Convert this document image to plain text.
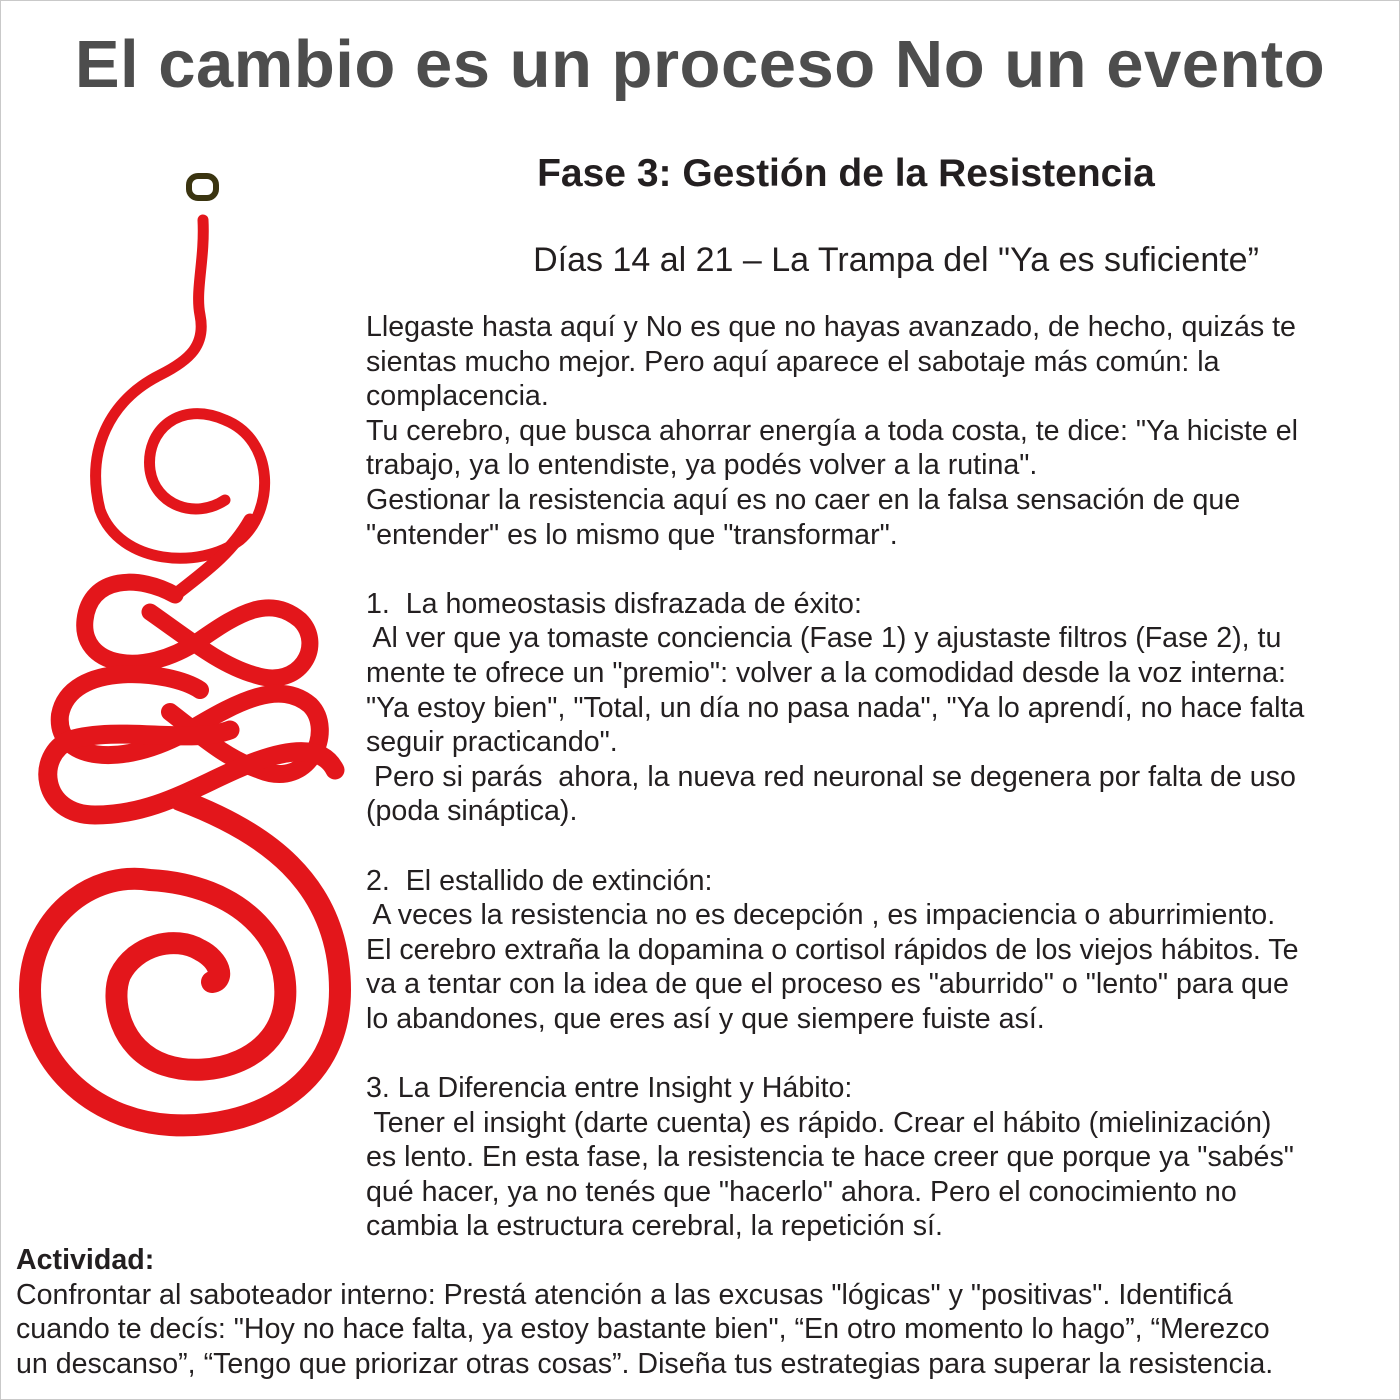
El cambio es un proceso No un evento
Fase 3: Gestión de la Resistencia
Días 14 al 21 – La Trampa del "Ya es suficiente”
Llegaste hasta aquí y No es que no hayas avanzado, de hecho, quizás te
sientas mucho mejor. Pero aquí aparece el sabotaje más común: la
complacencia.
Tu cerebro, que busca ahorrar energía a toda costa, te dice: "Ya hiciste el
trabajo, ya lo entendiste, ya podés volver a la rutina".
Gestionar la resistencia aquí es no caer en la falsa sensación de que
"entender" es lo mismo que "transformar".
1.  La homeostasis disfrazada de éxito:
Al ver que ya tomaste conciencia (Fase 1) y ajustaste filtros (Fase 2), tu
mente te ofrece un "premio": volver a la comodidad desde la voz interna:
"Ya estoy bien", "Total, un día no pasa nada", "Ya lo aprendí, no hace falta
seguir practicando".
Pero si parás  ahora, la nueva red neuronal se degenera por falta de uso
(poda sináptica).
2.  El estallido de extinción:
A veces la resistencia no es decepción , es impaciencia o aburrimiento.
El cerebro extraña la dopamina o cortisol rápidos de los viejos hábitos. Te
va a tentar con la idea de que el proceso es "aburrido" o "lento" para que
lo abandones, que eres así y que siempere fuiste así.
3. La Diferencia entre Insight y Hábito:
Tener el insight (darte cuenta) es rápido. Crear el hábito (mielinización)
es lento. En esta fase, la resistencia te hace creer que porque ya "sabés"
qué hacer, ya no tenés que "hacerlo" ahora. Pero el conocimiento no
cambia la estructura cerebral, la repetición sí.
Actividad:
Confrontar al saboteador interno: Prestá atención a las excusas "lógicas" y "positivas". Identificá
cuando te decís: "Hoy no hace falta, ya estoy bastante bien", “En otro momento lo hago”, “Merezco
un descanso”, “Tengo que priorizar otras cosas”. Diseña tus estrategias para superar la resistencia.
